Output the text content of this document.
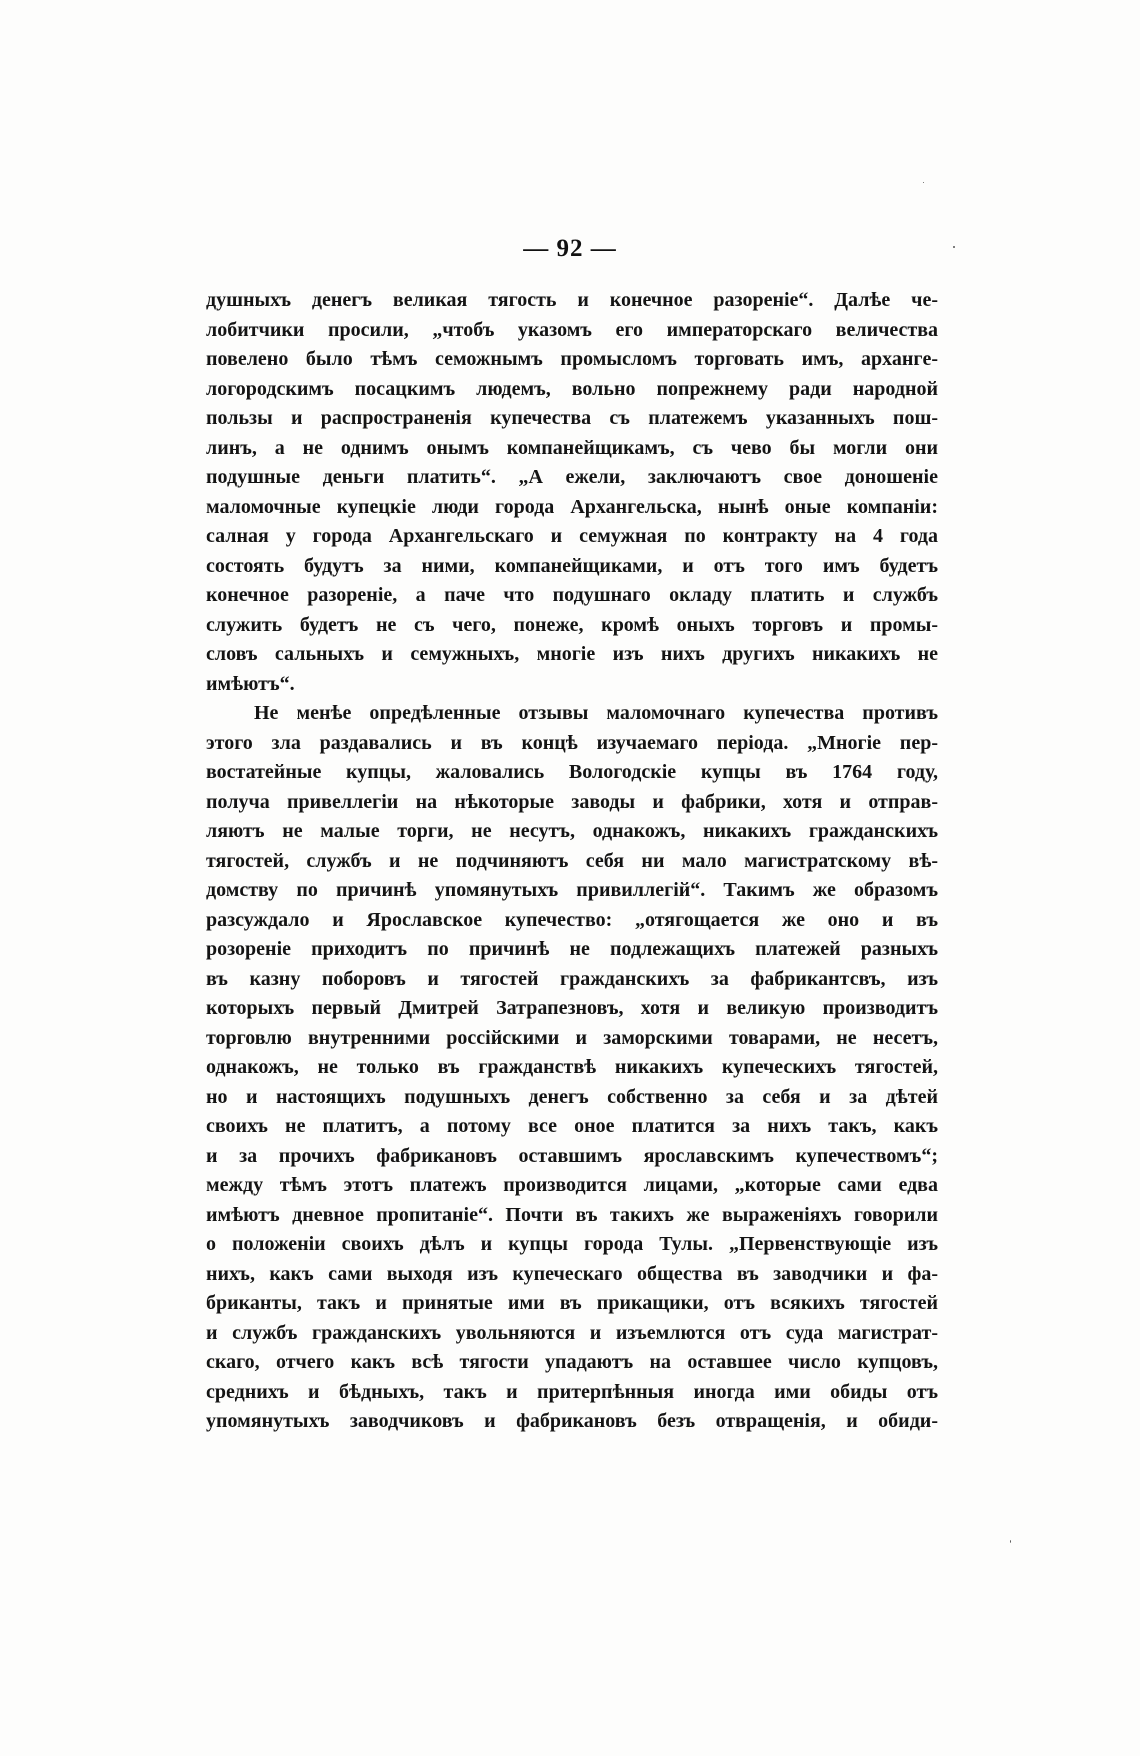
— 92 —
душныхъ денегъ великая тягость и конечное разореніе“. Далѣе че-
лобитчики просили, „чтобъ указомъ его императорскаго величества
повелено было тѣмъ семожнымъ промысломъ торговать имъ, архангe-
логородскимъ посацкимъ людемъ, вольно попрежнему ради народной
пользы и распространенія купечества съ платежемъ указанныхъ пош-
линъ, а не однимъ онымъ компанейщикамъ, съ чево бы могли они
подушные деньги платить“. „А ежели, заключаютъ свое доношеніе
маломочные купецкіе люди города Архангельска, нынѣ оные компаніи:
салная у города Архангельскаго и семужная по контракту на 4 года
состоять будутъ за ними, компанейщиками, и отъ того имъ будетъ
конечное разореніе, а паче что подушнаго окладу платить и службъ
служить будетъ не съ чего, понеже, кромѣ оныхъ торговъ и промы-
словъ сальныхъ и семужныхъ, многіе изъ нихъ другихъ никакихъ не
имѣютъ“.
Не менѣе опредѣленные отзывы маломочнаго купечества противъ
этого зла раздавались и въ концѣ изучаемаго періода. „Многіе пер-
востатейные купцы, жаловались Вологодскіе купцы въ 1764 году,
получа привеллегіи на нѣкоторые заводы и фабрики, хотя и отправ-
ляютъ не малые торги, не несутъ, однакожъ, никакихъ гражданскихъ
тягостей, службъ и не подчиняютъ себя ни мало магистратскому вѣ-
домству по причинѣ упомянутыхъ привиллегій“. Такимъ же образомъ
разсуждало и Ярославское купечество: „отягощается же оно и въ
розореніе приходитъ по причинѣ не подлежащихъ платежей разныхъ
въ казну поборовъ и тягостей гражданскихъ за фабрикантсвъ, изъ
которыхъ первый Дмитрей Затрапезновъ, хотя и великую производитъ
торговлю внутренними россійскими и заморскими товарами, не несетъ,
однакожъ, не только въ гражданствѣ никакихъ купеческихъ тягостей,
но и настоящихъ подушныхъ денегъ собственно за себя и за дѣтей
своихъ не платитъ, а потому все оное платится за нихъ такъ, какъ
и за прочихъ фабрикановъ оставшимъ ярославскимъ купечествомъ“;
между тѣмъ этотъ платежъ производится лицами, „которые сами едва
имѣютъ дневное пропитаніе“. Почти въ такихъ же выраженіяхъ говорили
о положеніи своихъ дѣлъ и купцы города Тулы. „Первенствующіе изъ
нихъ, какъ сами выходя изъ купеческаго общества въ заводчики и фа-
бриканты, такъ и принятые ими въ прикащики, отъ всякихъ тягостей
и службъ гражданскихъ увольняются и изъемлются отъ суда магистрат-
скаго, отчего какъ всѣ тягости упадаютъ на оставшее число купцовъ,
среднихъ и бѣдныхъ, такъ и притерпѣнныя иногда ими обиды отъ
упомянутыхъ заводчиковъ и фабрикановъ безъ отвращенія, и обиди-
